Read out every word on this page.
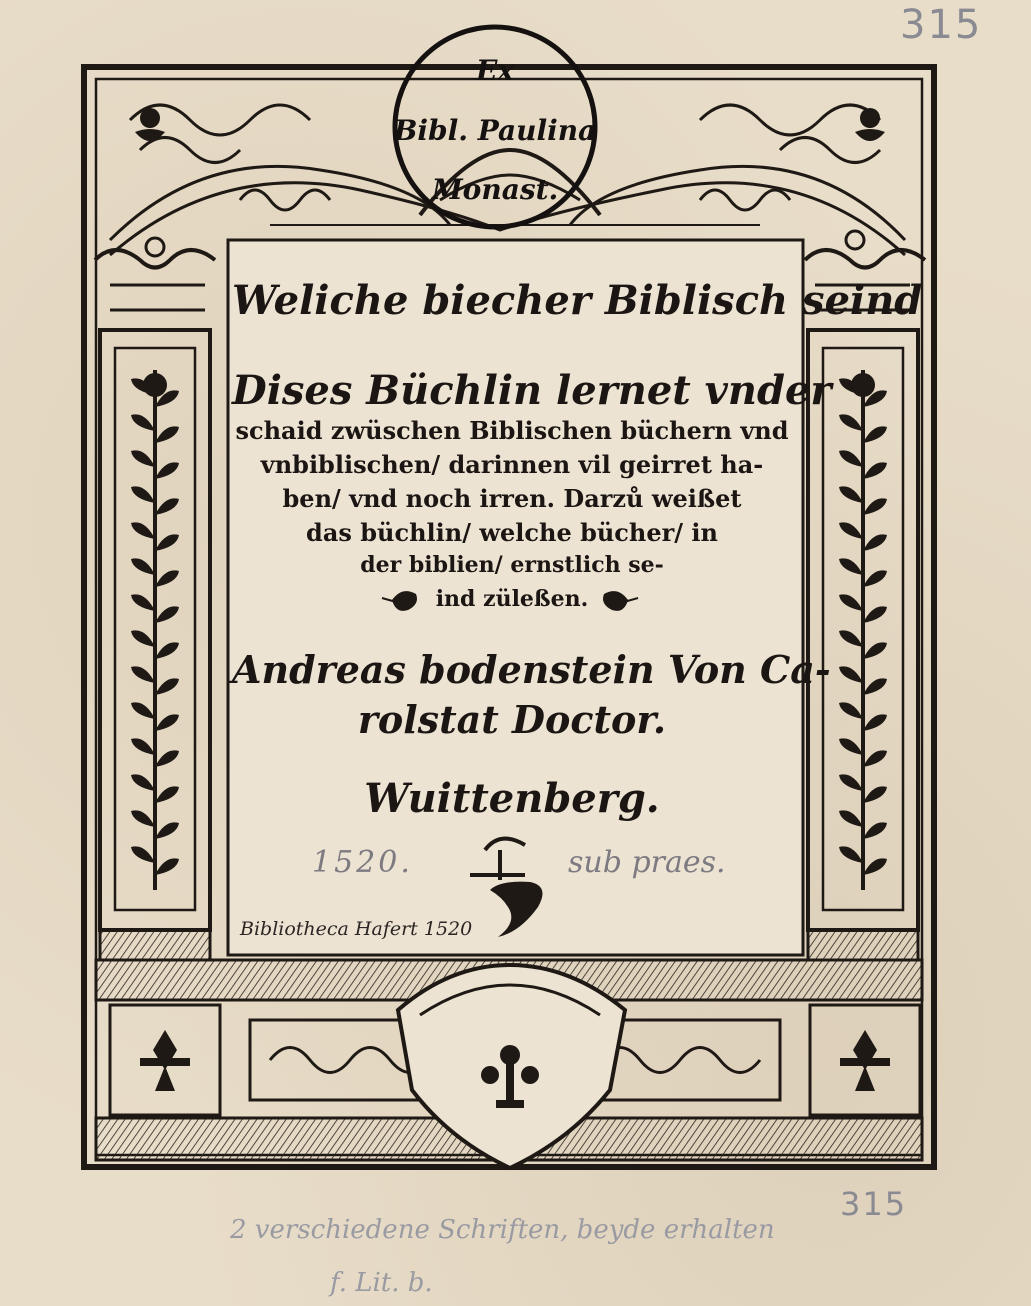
315
Ex
Bibl. Paulina
Monast.
Weliche biecher Biblisch seind
Dises Büchlin lernet vnder
schaid zwüschen Biblischen büchern vnd
vnbiblischen/ darinnen vil geirret ha-
ben/ vnd noch irren. Darzů weißet
das büchlin/ welche bücher/ in
der biblien/ ernstlich se-
ind züleßen.
Andreas bodenstein Von Ca-
rolstat Doctor.
Wuittenberg.
1520.	sub praes.
Bibliotheca Hafert 1520
315
2 verschiedene Schriften, beyde erhalten
f. Lit. b.
